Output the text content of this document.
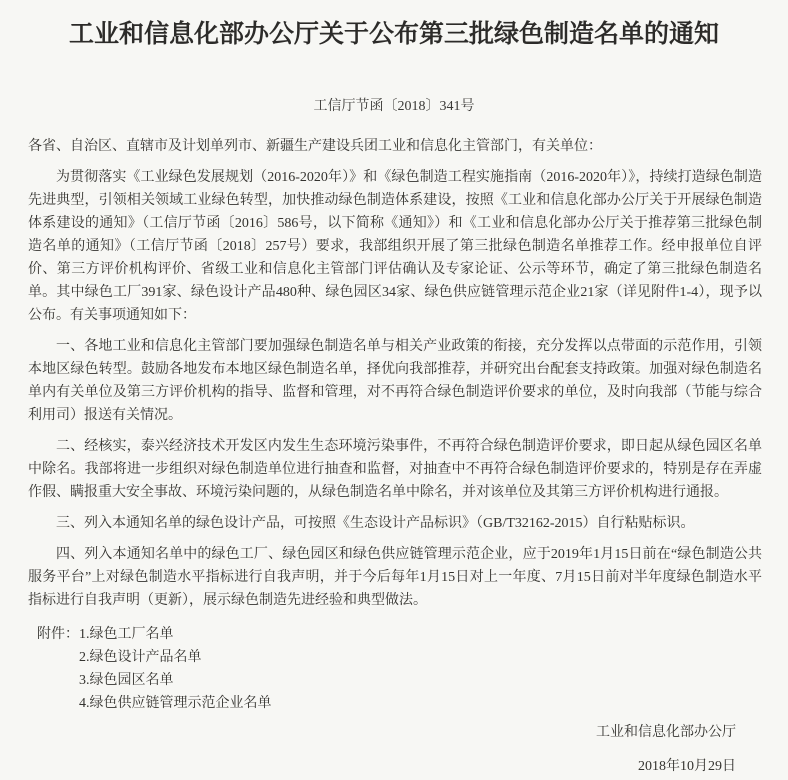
工业和信息化部办公厅关于公布第三批绿色制造名单的通知
工信厅节函〔2018〕341号

各省、自治区、直辖市及计划单列市、新疆生产建设兵团工业和信息化主管部门，有关单位：

为贯彻落实《工业绿色发展规划（2016-2020年）》和《绿色制造工程实施指南（2016-2020年）》，持续打造绿色制造先进典型，引领相关领域工业绿色转型，加快推动绿色制造体系建设，按照《工业和信息化部办公厅关于开展绿色制造体系建设的通知》（工信厅节函〔2016〕586号，以下简称《通知》）和《工业和信息化部办公厅关于推荐第三批绿色制造名单的通知》（工信厅节函〔2018〕257号）要求，我部组织开展了第三批绿色制造名单推荐工作。经申报单位自评价、第三方评价机构评价、省级工业和信息化主管部门评估确认及专家论证、公示等环节，确定了第三批绿色制造名单。其中绿色工厂391家、绿色设计产品480种、绿色园区34家、绿色供应链管理示范企业21家（详见附件1-4），现予以公布。有关事项通知如下：

一、各地工业和信息化主管部门要加强绿色制造名单与相关产业政策的衔接，充分发挥以点带面的示范作用，引领本地区绿色转型。鼓励各地发布本地区绿色制造名单，择优向我部推荐，并研究出台配套支持政策。加强对绿色制造名单内有关单位及第三方评价机构的指导、监督和管理，对不再符合绿色制造评价要求的单位，及时向我部（节能与综合利用司）报送有关情况。

二、经核实，泰兴经济技术开发区内发生生态环境污染事件，不再符合绿色制造评价要求，即日起从绿色园区名单中除名。我部将进一步组织对绿色制造单位进行抽查和监督，对抽查中不再符合绿色制造评价要求的，特别是存在弄虚作假、瞒报重大安全事故、环境污染问题的，从绿色制造名单中除名，并对该单位及其第三方评价机构进行通报。

三、列入本通知名单的绿色设计产品，可按照《生态设计产品标识》（GB/T32162-2015）自行粘贴标识。

四、列入本通知名单中的绿色工厂、绿色园区和绿色供应链管理示范企业，应于2019年1月15日前在“绿色制造公共服务平台”上对绿色制造水平指标进行自我声明，并于今后每年1月15日对上一年度、7月15日前对半年度绿色制造水平指标进行自我声明（更新），展示绿色制造先进经验和典型做法。

附件： 1.绿色工厂名单
2.绿色设计产品名单
3.绿色园区名单
4.绿色供应链管理示范企业名单
工业和信息化部办公厅
2018年10月29日
